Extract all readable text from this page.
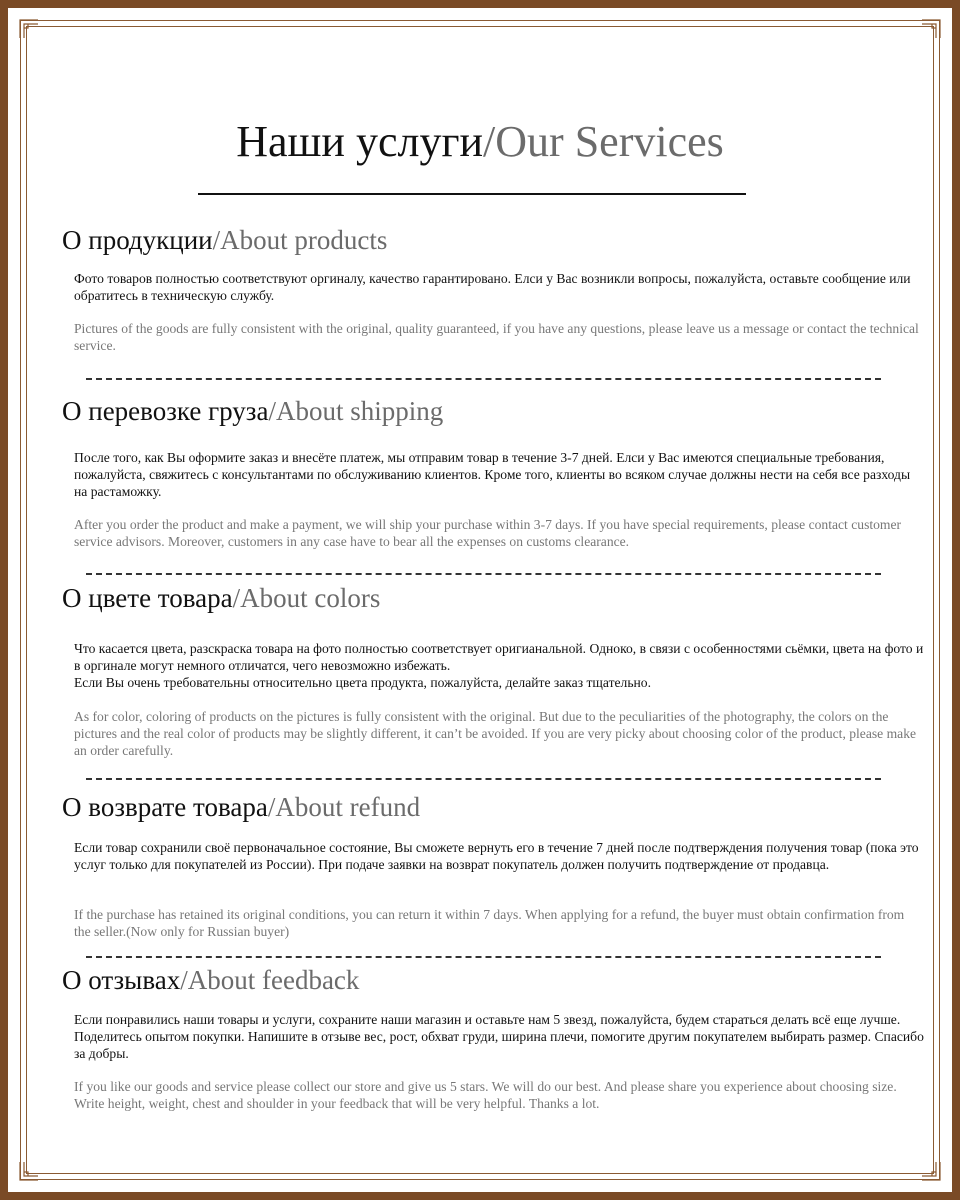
Наши услуги/Our Services
О продукции/About products

Фото товаров полностью соответствуют оргиналу, качество гарантировано. Елси у Вас возникли вопросы, пожалуйста, оставьте сообщение или обратитесь в техническую службу.

Pictures of the goods are fully consistent with the original, quality guaranteed, if you have any questions, please leave us a message or contact the technical service.

О перевозке груза/About shipping

После того, как Вы оформите заказ и внесёте платеж, мы отправим товар в течение 3-7 дней. Елси у Вас имеются специальные требования, пожалуйста, свяжитесь с консультантами по обслуживанию клиентов. Кроме того, клиенты во всяком случае должны нести на себя все разходы на растаможку.

After you order the product and make a payment, we will ship your purchase within 3-7 days. If you have special requirements, please contact customer service advisors. Moreover, customers in any case have to bear all the expenses on customs clearance.

О цвете товара/About colors

Что касается цвета, разскраска товара на фото полностью соответствует оригианальной. Одноко, в связи с особенностями сьёмки, цвета на фото и в оргинале могут немного отличатся, чего невозможно избежать.

Если Вы очень требовательны относительно цвета продукта, пожалуйста, делайте заказ тщательно.

As for color, coloring of products on the pictures is fully consistent with the original. But due to the peculiarities of the photography, the colors on the pictures and the real color of products may be slightly different, it can’t be avoided. If you are very picky about choosing color of the product, please make an order carefully.

О возврате товара/About refund

Если товар сохранили своё первоначальное состояние, Вы сможете вернуть его в течение 7 дней после подтверждения получения товар (пока это услуг только для покупателей из России). При подаче заявки на возврат покупатель должен получить подтверждение от продавца.

If the purchase has retained its original conditions, you can return it within 7 days. When applying for a refund, the buyer must obtain confirmation from the seller.(Now only for Russian buyer)

О отзывах/About feedback

Если понравились наши товары и услуги, сохраните наши магазин и оставьте нам 5 звезд, пожалуйста, будем стараться делать всё еще лучше. Поделитесь опытом покупки. Напишите в отзыве вес, рост, обхват груди, ширина плечи, помогите другим покупателем выбирать размер. Спасибо за добры.

If you like our goods and service please collect our store and give us 5 stars. We will do our best. And please share you experience about choosing size. Write height, weight, chest and shoulder in your feedback that will be very helpful. Thanks a lot.
